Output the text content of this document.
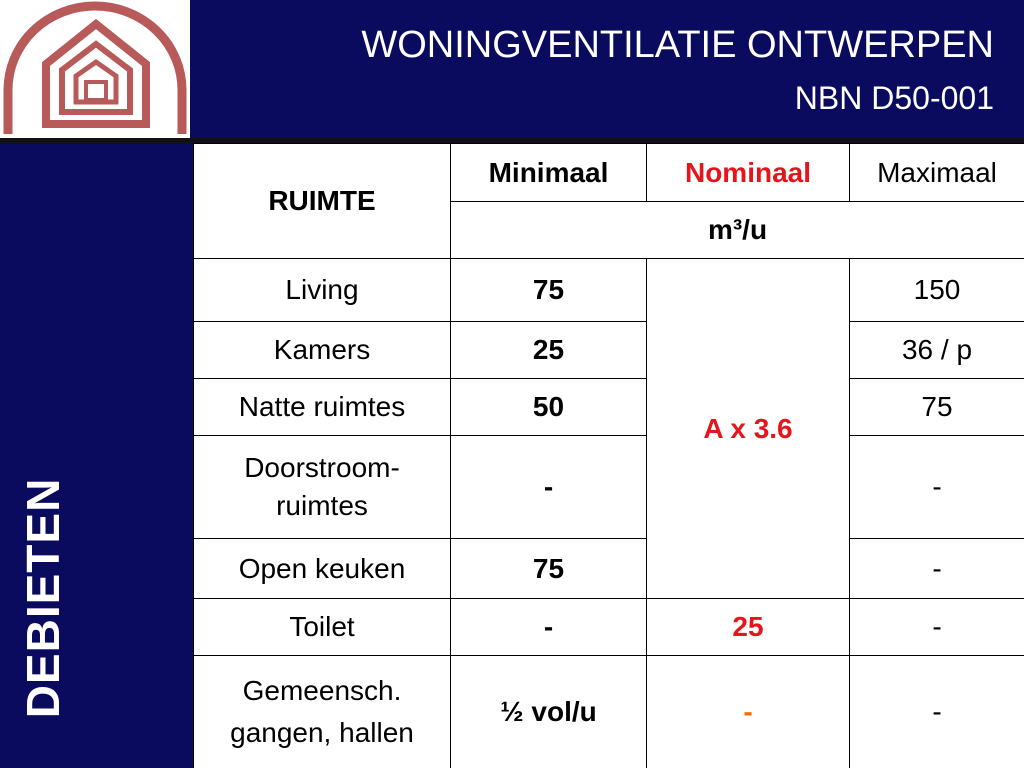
WONINGVENTILATIE ONTWERPEN
NBN D50-001
DEBIETEN
RUIMTE	Minimaal	Nominaal	Maximaal
	m³/u		
Living	75	A x 3.6	150
Kamers	25		36 / p
Natte ruimtes	50		75

Doorstroom-
ruimtes	-		-
Open keuken	75		-
Toilet	-	25	-

Gemeensch.
gangen, hallen	½ vol/u	-	-
